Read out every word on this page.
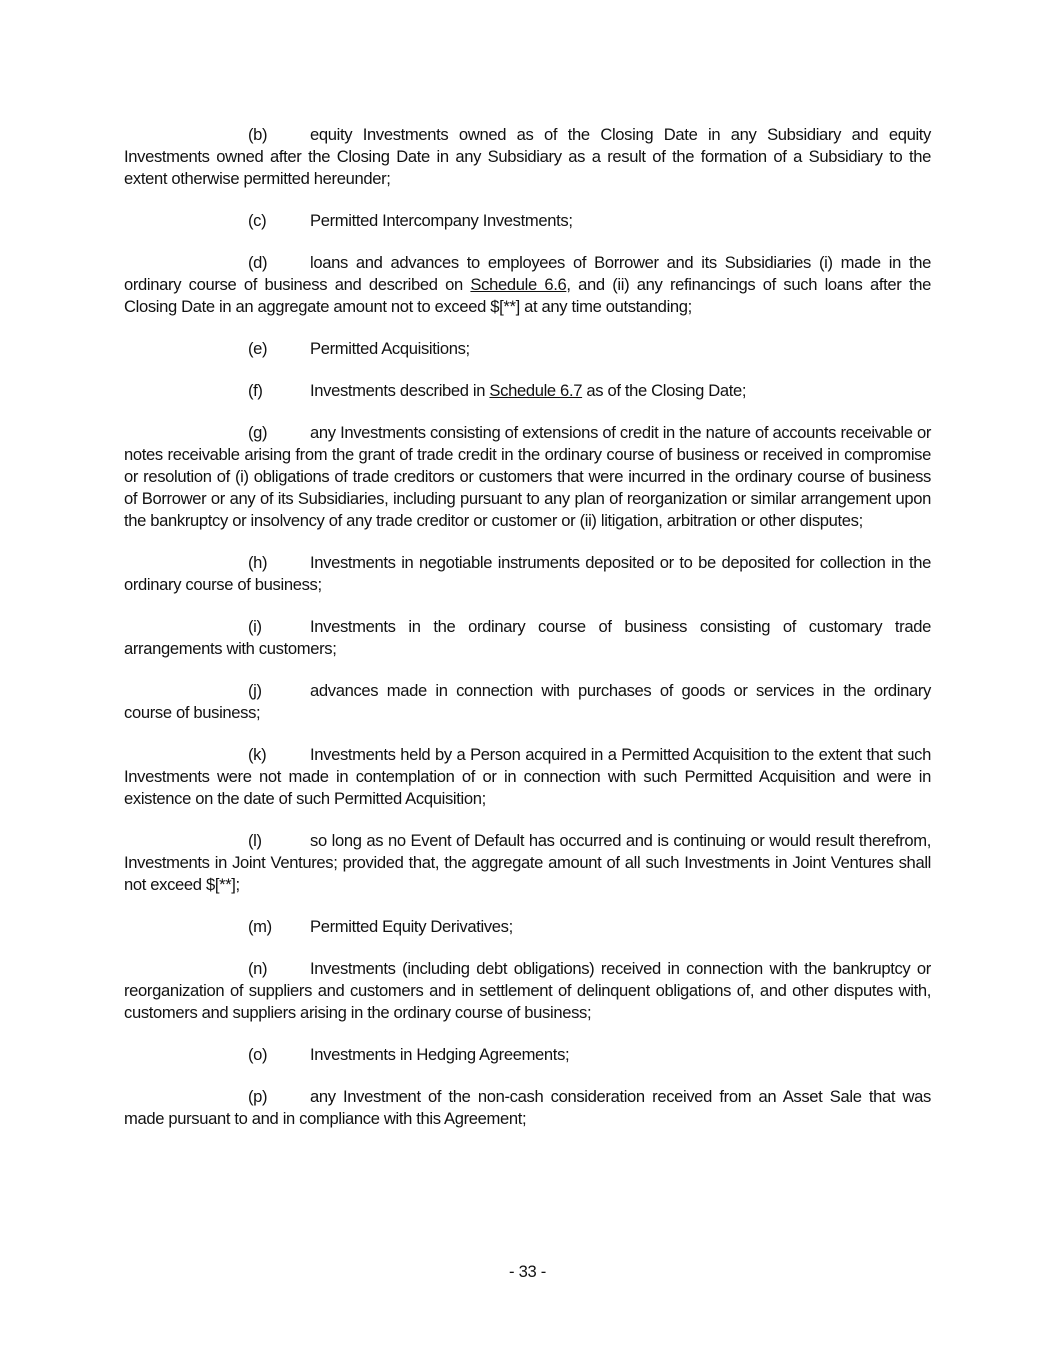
(b)	equity Investments owned as of the Closing Date in any Subsidiary and equity Investments owned after the Closing Date in any Subsidiary as a result of the formation of a Subsidiary to the extent otherwise permitted hereunder;

(c)	Permitted Intercompany Investments;

(d)	loans and advances to employees of Borrower and its Subsidiaries (i) made in the ordinary course of business and described on Schedule 6.6, and (ii) any refinancings of such loans after the Closing Date in an aggregate amount not to exceed $[**] at any time outstanding;

(e)	Permitted Acquisitions;

(f)	Investments described in Schedule 6.7 as of the Closing Date;

(g)	any Investments consisting of extensions of credit in the nature of accounts receivable or notes receivable arising from the grant of trade credit in the ordinary course of business or received in compromise or resolution of (i) obligations of trade creditors or customers that were incurred in the ordinary course of business of Borrower or any of its Subsidiaries, including pursuant to any plan of reorganization or similar arrangement upon the bankruptcy or insolvency of any trade creditor or customer or (ii) litigation, arbitration or other disputes;

(h)	Investments in negotiable instruments deposited or to be deposited for collection in the ordinary course of business;

(i)	Investments in the ordinary course of business consisting of customary trade arrangements with customers;

(j)	advances made in connection with purchases of goods or services in the ordinary course of business;

(k)	Investments held by a Person acquired in a Permitted Acquisition to the extent that such Investments were not made in contemplation of or in connection with such Permitted Acquisition and were in existence on the date of such Permitted Acquisition;

(l)	so long as no Event of Default has occurred and is continuing or would result therefrom, Investments in Joint Ventures; provided that, the aggregate amount of all such Investments in Joint Ventures shall not exceed $[**];

(m) Permitted Equity Derivatives;

(n)	Investments (including debt obligations) received in connection with the bankruptcy or reorganization of suppliers and customers and in settlement of delinquent obligations of, and other disputes with, customers and suppliers arising in the ordinary course of business;

(o)	Investments in Hedging Agreements;

(p)	any Investment of the non-cash consideration received from an Asset Sale that was made pursuant to and in compliance with this Agreement;

- 33 -
